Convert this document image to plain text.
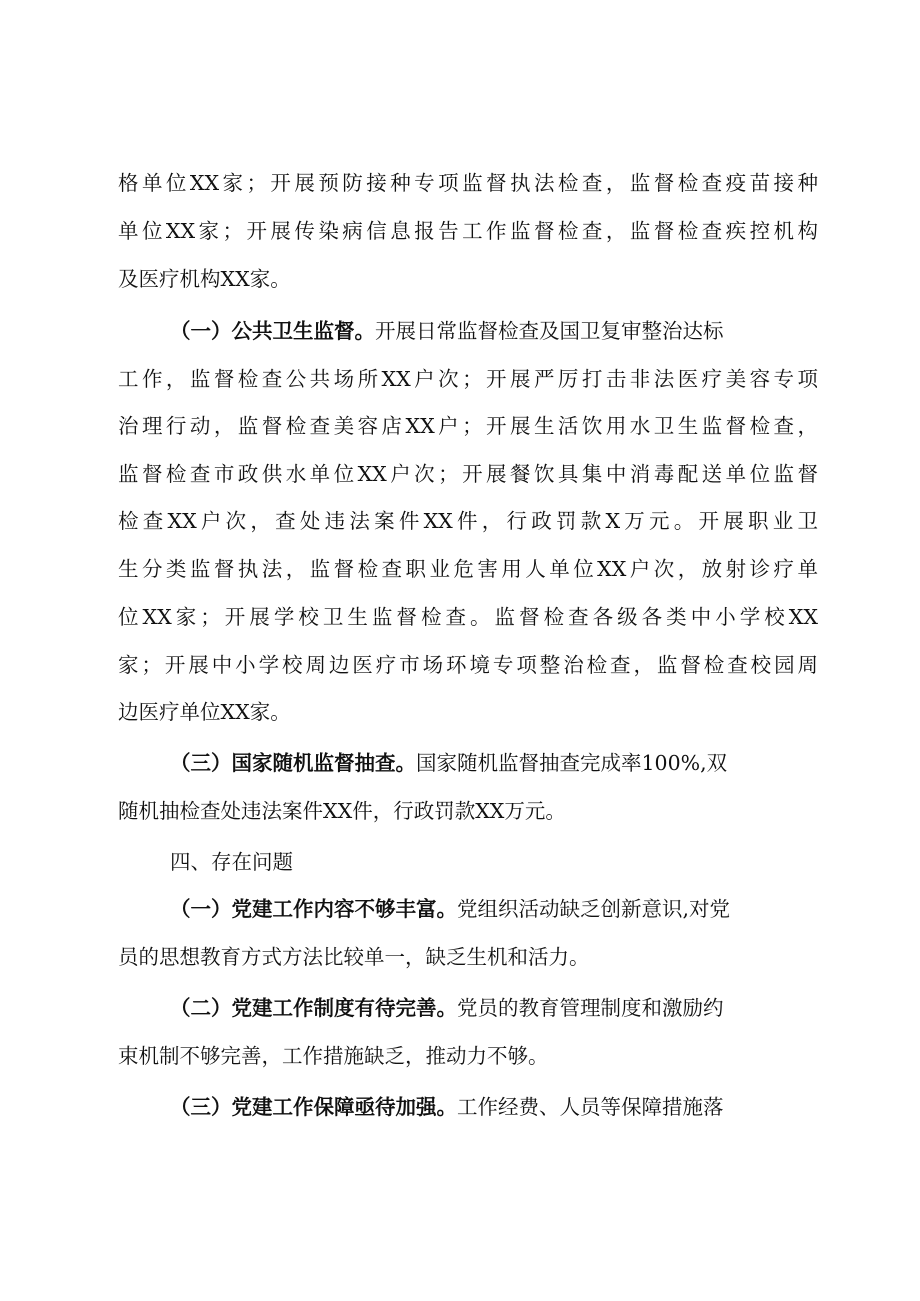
格单位XX家；开展预防接种专项监督执法检查，监督检查疫苗接种
单位XX家；开展传染病信息报告工作监督检查，监督检查疾控机构
及医疗机构XX家。
（一）公共卫生监督。开展日常监督检查及国卫复审整治达标
工作，监督检查公共场所XX户次；开展严厉打击非法医疗美容专项
治理行动，监督检查美容店XX户；开展生活饮用水卫生监督检查，
监督检查市政供水单位XX户次；开展餐饮具集中消毒配送单位监督
检查XX户次，查处违法案件XX件，行政罚款X万元。开展职业卫
生分类监督执法，监督检查职业危害用人单位XX户次，放射诊疗单
位XX家；开展学校卫生监督检查。监督检查各级各类中小学校XX
家；开展中小学校周边医疗市场环境专项整治检查，监督检查校园周
边医疗单位XX家。
（三）国家随机监督抽查。国家随机监督抽查完成率100%,双
随机抽检查处违法案件XX件，行政罚款XX万元。
四、存在问题
（一）党建工作内容不够丰富。党组织活动缺乏创新意识,对党
员的思想教育方式方法比较单一，缺乏生机和活力。
（二）党建工作制度有待完善。党员的教育管理制度和激励约
束机制不够完善，工作措施缺乏，推动力不够。
（三）党建工作保障亟待加强。工作经费、人员等保障措施落
